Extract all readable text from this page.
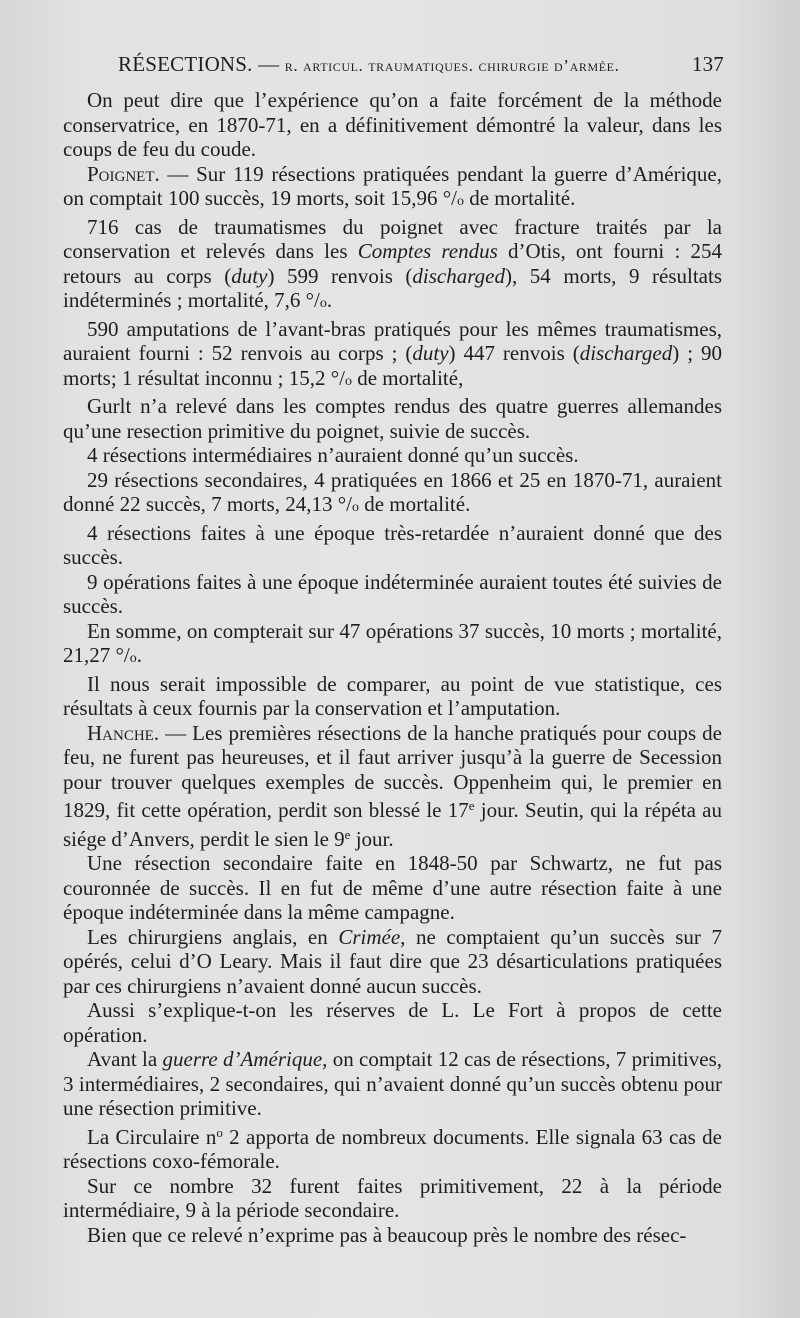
RÉSECTIONS. — r. articul. traumatiques. chirurgie d’armée.	137

On peut dire que l’expérience qu’on a faite forcément de la méthode conservatrice, en 1870-71, en a définitivement démontré la valeur, dans les coups de feu du coude.

Poignet. — Sur 119 résections pratiquées pendant la guerre d’Amérique, on comptait 100 succès, 19 morts, soit 15,96 °/o de mortalité.

716 cas de traumatismes du poignet avec fracture traités par la conservation et relevés dans les Comptes rendus d’Otis, ont fourni : 254 retours au corps (duty) 599 renvois (discharged), 54 morts, 9 résultats indéterminés ; mortalité, 7,6 °/o.

590 amputations de l’avant-bras pratiqués pour les mêmes traumatismes, auraient fourni : 52 renvois au corps ; (duty) 447 renvois (discharged) ; 90 morts; 1 résultat inconnu ; 15,2 °/o de mortalité,

Gurlt n’a relevé dans les comptes rendus des quatre guerres allemandes qu’une resection primitive du poignet, suivie de succès.

4 résections intermédiaires n’auraient donné qu’un succès.

29 résections secondaires, 4 pratiquées en 1866 et 25 en 1870-71, auraient donné 22 succès, 7 morts, 24,13 °/o de mortalité.

4 résections faites à une époque très-retardée n’auraient donné que des succès.

9 opérations faites à une époque indéterminée auraient toutes été suivies de succès.

En somme, on compterait sur 47 opérations 37 succès, 10 morts ; mortalité, 21,27 °/o.

Il nous serait impossible de comparer, au point de vue statistique, ces résultats à ceux fournis par la conservation et l’amputation.

Hanche. — Les premières résections de la hanche pratiqués pour coups de feu, ne furent pas heureuses, et il faut arriver jusqu’à la guerre de Secession pour trouver quelques exemples de succès. Oppenheim qui, le premier en 1829, fit cette opération, perdit son blessé le 17e jour. Seutin, qui la répéta au siége d’Anvers, perdit le sien le 9e jour.

Une résection secondaire faite en 1848-50 par Schwartz, ne fut pas couronnée de succès. Il en fut de même d’une autre résection faite à une époque indéterminée dans la même campagne.

Les chirurgiens anglais, en Crimée, ne comptaient qu’un succès sur 7 opérés, celui d’O Leary. Mais il faut dire que 23 désarticulations pratiquées par ces chirurgiens n’avaient donné aucun succès.

Aussi s’explique-t-on les réserves de L. Le Fort à propos de cette opération.

Avant la guerre d’Amérique, on comptait 12 cas de résections, 7 primitives, 3 intermédiaires, 2 secondaires, qui n’avaient donné qu’un succès obtenu pour une résection primitive.

La Circulaire $n^o$ 2 apporta de nombreux documents. Elle signala 63 cas de résections coxo-fémorale.

Sur ce nombre 32 furent faites primitivement, 22 à la période intermédiaire, 9 à la période secondaire.

Bien que ce relevé n’exprime pas à beaucoup près le nombre des résec-
